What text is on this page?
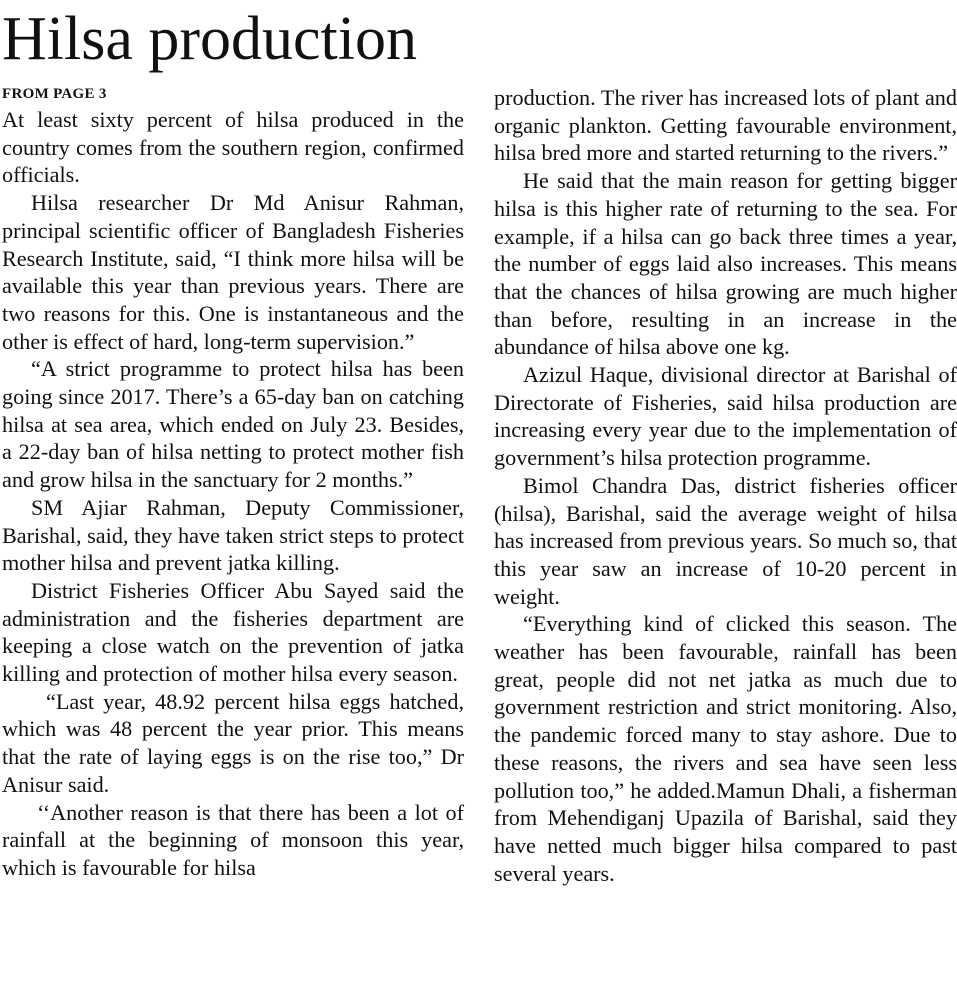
Hilsa production
FROM PAGE 3

At least sixty percent of hilsa produced in the country comes from the southern region, confirmed officials.

Hilsa researcher Dr Md Anisur Rahman, principal scientific officer of Bangladesh Fisheries Research Institute, said, “I think more hilsa will be available this year than previous years. There are two reasons for this. One is instantaneous and the other is effect of hard, long-term supervision.”

“A strict programme to protect hilsa has been going since 2017. There’s a 65-day ban on catching hilsa at sea area, which ended on July 23. Besides, a 22-day ban of hilsa netting to protect mother fish and grow hilsa in the sanctuary for 2 months.”

SM Ajiar Rahman, Deputy Commissioner, Barishal, said, they have taken strict steps to protect mother hilsa and prevent jatka killing.

District Fisheries Officer Abu Sayed said the administration and the fisheries department are keeping a close watch on the prevention of jatka killing and protection of mother hilsa every season.

“Last year, 48.92 percent hilsa eggs hatched, which was 48 percent the year prior. This means that the rate of laying eggs is on the rise too,” Dr Anisur said.

‘‘Another reason is that there has been a lot of rainfall at the beginning of monsoon this year, which is favourable for hilsa

production. The river has increased lots of plant and organic plankton. Getting favourable environment, hilsa bred more and started returning to the rivers.”

He said that the main reason for getting bigger hilsa is this higher rate of returning to the sea. For example, if a hilsa can go back three times a year, the number of eggs laid also increases. This means that the chances of hilsa growing are much higher than before, resulting in an increase in the abundance of hilsa above one kg.

Azizul Haque, divisional director at Barishal of Directorate of Fisheries, said hilsa production are increasing every year due to the implementation of government’s hilsa protection programme.

Bimol Chandra Das, district fisheries officer (hilsa), Barishal, said the average weight of hilsa has increased from previous years. So much so, that this year saw an increase of 10-20 percent in weight.

“Everything kind of clicked this season. The weather has been favourable, rainfall has been great, people did not net jatka as much due to government restriction and strict monitoring. Also, the pandemic forced many to stay ashore. Due to these reasons, the rivers and sea have seen less pollution too,” he added.Mamun Dhali, a fisherman from Mehendiganj Upazila of Barishal, said they have netted much bigger hilsa compared to past several years.
